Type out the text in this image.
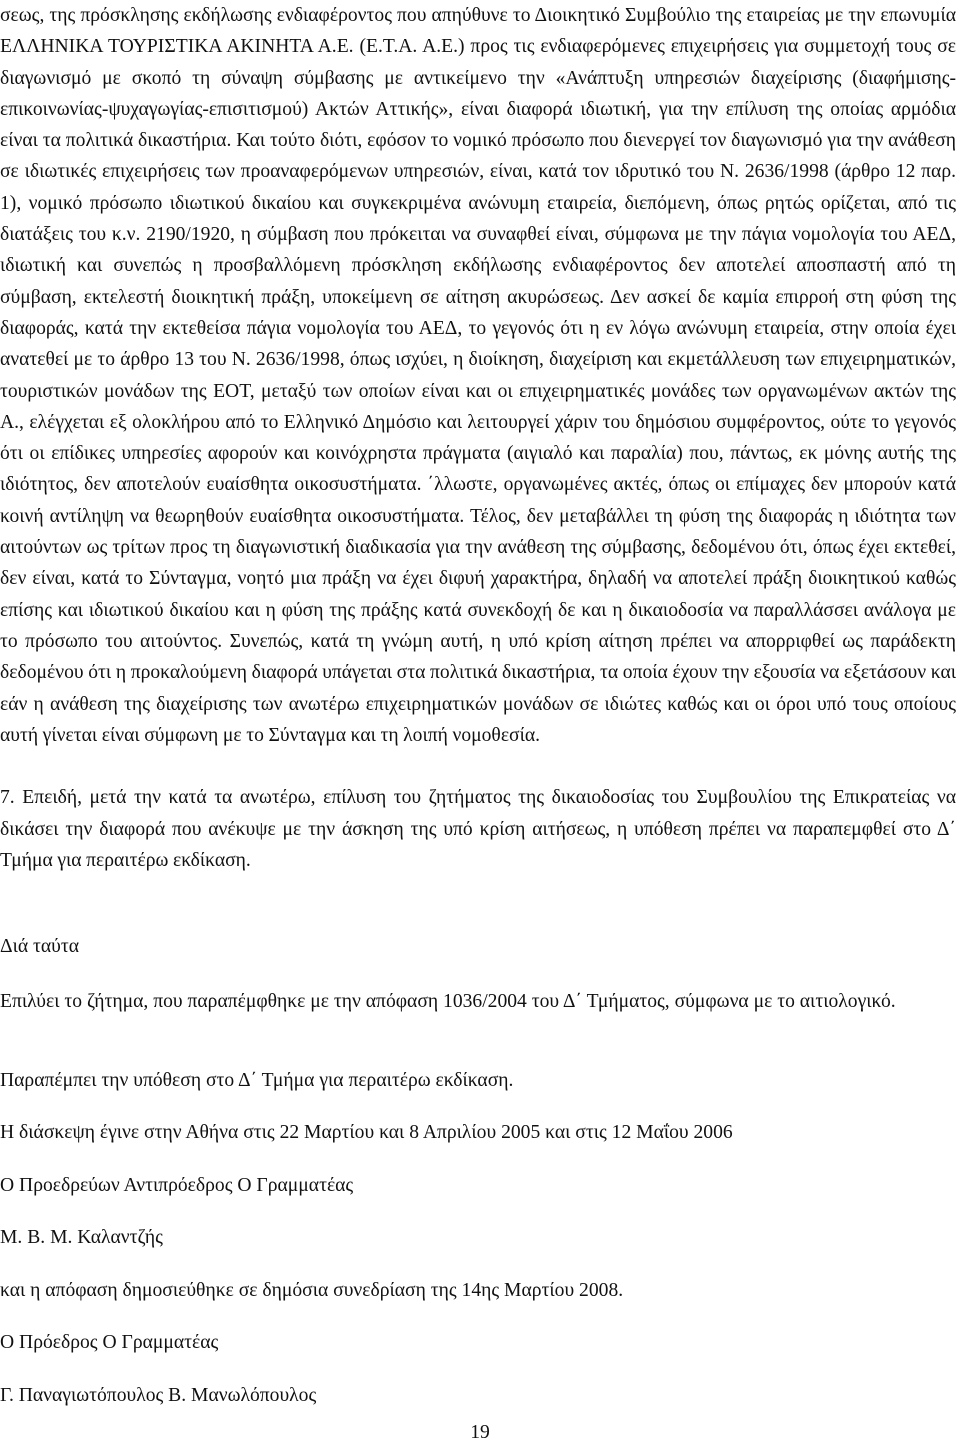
σεως, της πρόσκλησης εκδήλωσης ενδιαφέροντος που απηύθυνε το Διοικητικό Συμβούλιο της εταιρείας με την επωνυμία ΕΛΛΗΝΙΚΑ ΤΟΥΡΙΣΤΙΚΑ ΑΚΙΝΗΤΑ Α.Ε. (Ε.Τ.Α. Α.Ε.) προς τις ενδιαφερόμενες επιχειρήσεις για συμμετοχή τους σε διαγωνισμό με σκοπό τη σύναψη σύμβασης με αντικείμενο την «Ανάπτυξη υπηρεσιών διαχείρισης (διαφήμισης-επικοινωνίας-ψυχαγωγίας-επισιτισμού) Ακτών Αττικής», είναι διαφορά ιδιωτική, για την επίλυση της οποίας αρμόδια είναι τα πολιτικά δικαστήρια. Και τούτο διότι, εφόσον το νομικό πρόσωπο που διενεργεί τον διαγωνισμό για την ανάθεση σε ιδιωτικές επιχειρήσεις των προαναφερόμενων υπηρεσιών, είναι, κατά τον ιδρυτικό του Ν. 2636/1998 (άρθρο 12 παρ. 1), νομικό πρόσωπο ιδιωτικού δικαίου και συγκεκριμένα ανώνυμη εταιρεία, διεπόμενη, όπως ρητώς ορίζεται, από τις διατάξεις του κ.ν. 2190/1920, η σύμβαση που πρόκειται να συναφθεί είναι, σύμφωνα με την πάγια νομολογία του ΑΕΔ, ιδιωτική και συνεπώς η προσβαλλόμενη πρόσκληση εκδήλωσης ενδιαφέροντος δεν αποτελεί αποσπαστή από τη σύμβαση, εκτελεστή διοικητική πράξη, υποκείμενη σε αίτηση ακυρώσεως. Δεν ασκεί δε καμία επιρροή στη φύση της διαφοράς, κατά την εκτεθείσα πάγια νομολογία του ΑΕΔ, το γεγονός ότι η εν λόγω ανώνυμη εταιρεία, στην οποία έχει ανατεθεί με το άρθρο 13 του Ν. 2636/1998, όπως ισχύει, η διοίκηση, διαχείριση και εκμετάλλευση των επιχειρηματικών, τουριστικών μονάδων της ΕΟΤ, μεταξύ των οποίων είναι και οι επιχειρηματικές μονάδες των οργανωμένων ακτών της Α., ελέγχεται εξ ολοκλήρου από το Ελληνικό Δημόσιο και λειτουργεί χάριν του δημόσιου συμφέροντος, ούτε το γεγονός ότι οι επίδικες υπηρεσίες αφορούν και κοινόχρηστα πράγματα (αιγιαλό και παραλία) που, πάντως, εκ μόνης αυτής της ιδιότητος, δεν αποτελούν ευαίσθητα οικοσυστήματα. ΄λλωστε, οργανωμένες ακτές, όπως οι επίμαχες δεν μπορούν κατά κοινή αντίληψη να θεωρηθούν ευαίσθητα οικοσυστήματα. Τέλος, δεν μεταβάλλει τη φύση της διαφοράς η ιδιότητα των αιτούντων ως τρίτων προς τη διαγωνιστική διαδικασία για την ανάθεση της σύμβασης, δεδομένου ότι, όπως έχει εκτεθεί, δεν είναι, κατά το Σύνταγμα, νοητό μια πράξη να έχει διφυή χαρακτήρα, δηλαδή να αποτελεί πράξη διοικητικού καθώς επίσης και ιδιωτικού δικαίου και η φύση της πράξης κατά συνεκδοχή δε και η δικαιοδοσία να παραλλάσσει ανάλογα με το πρόσωπο του αιτούντος. Συνεπώς, κατά τη γνώμη αυτή, η υπό κρίση αίτηση πρέπει να απορριφθεί ως παράδεκτη δεδομένου ότι η προκαλούμενη διαφορά υπάγεται στα πολιτικά δικαστήρια, τα οποία έχουν την εξουσία να εξετάσουν και εάν η ανάθεση της διαχείρισης των ανωτέρω επιχειρηματικών μονάδων σε ιδιώτες καθώς και οι όροι υπό τους οποίους αυτή γίνεται είναι σύμφωνη με το Σύνταγμα και τη λοιπή νομοθεσία.

7. Επειδή, μετά την κατά τα ανωτέρω, επίλυση του ζητήματος της δικαιοδοσίας του Συμβουλίου της Επικρατείας να δικάσει την διαφορά που ανέκυψε με την άσκηση της υπό κρίση αιτήσεως, η υπόθεση πρέπει να παραπεμφθεί στο Δ΄ Τμήμα για περαιτέρω εκδίκαση.

Διά ταύτα

Επιλύει το ζήτημα, που παραπέμφθηκε με την απόφαση 1036/2004 του Δ΄ Τμήματος, σύμφωνα με το αιτιολογικό.

Παραπέμπει την υπόθεση στο Δ΄ Τμήμα για περαιτέρω εκδίκαση.

Η διάσκεψη έγινε στην Αθήνα στις 22 Μαρτίου και 8 Απριλίου 2005 και στις 12 Μαΐου 2006

Ο Προεδρεύων Αντιπρόεδρος Ο Γραμματέας

Μ. Β. Μ. Καλαντζής

και η απόφαση δημοσιεύθηκε σε δημόσια συνεδρίαση της 14ης Μαρτίου 2008.

Ο Πρόεδρος Ο Γραμματέας

Γ. Παναγιωτόπουλος Β. Μανωλόπουλος

19
